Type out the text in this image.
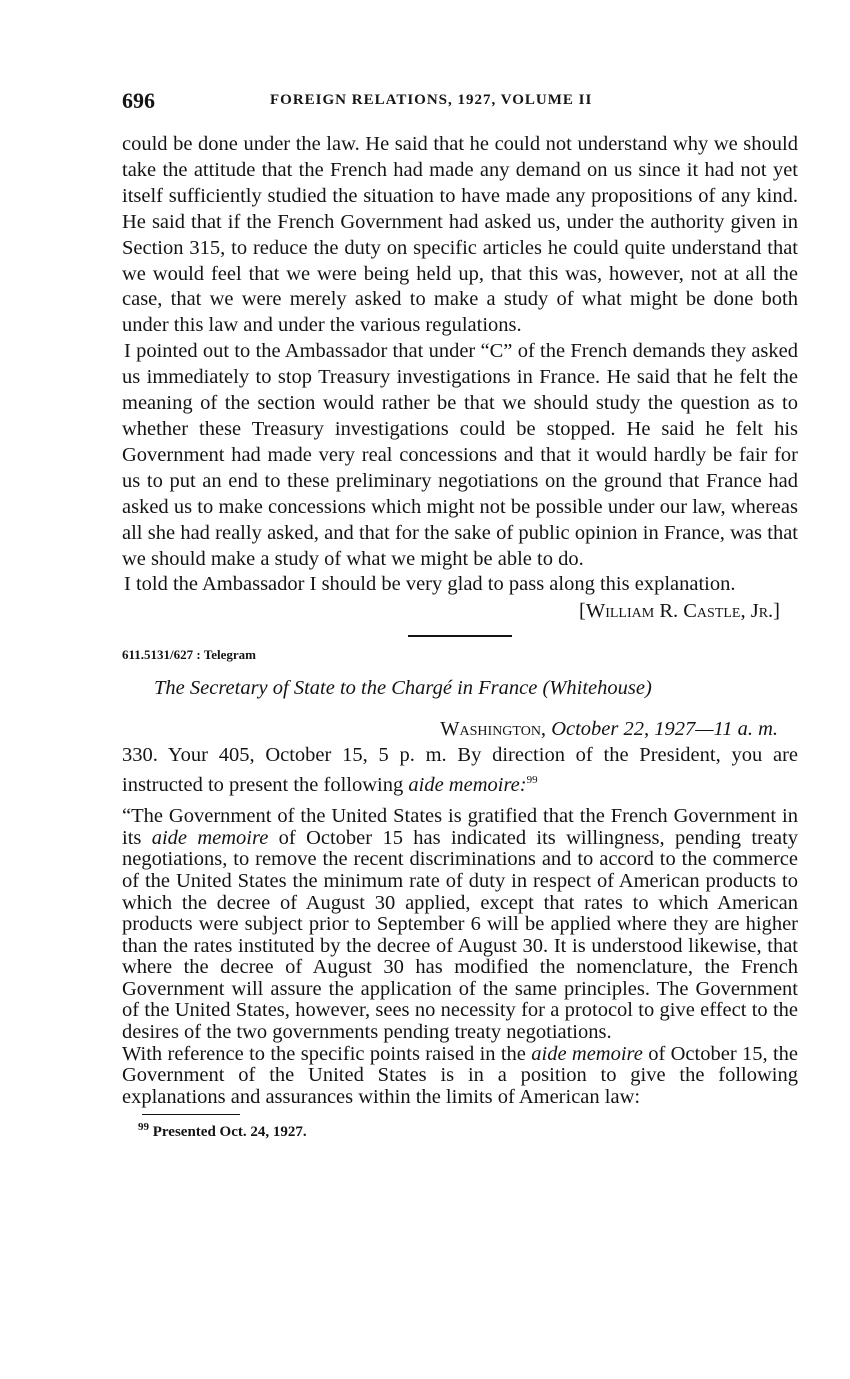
696	FOREIGN RELATIONS, 1927, VOLUME II

could be done under the law. He said that he could not understand why we should take the attitude that the French had made any demand on us since it had not yet itself sufficiently studied the situation to have made any propositions of any kind. He said that if the French Government had asked us, under the authority given in Section 315, to reduce the duty on specific articles he could quite understand that we would feel that we were being held up, that this was, however, not at all the case, that we were merely asked to make a study of what might be done both under this law and under the various regulations.

I pointed out to the Ambassador that under “C” of the French demands they asked us immediately to stop Treasury investigations in France. He said that he felt the meaning of the section would rather be that we should study the question as to whether these Treasury investigations could be stopped. He said he felt his Government had made very real concessions and that it would hardly be fair for us to put an end to these preliminary negotiations on the ground that France had asked us to make concessions which might not be possible under our law, whereas all she had really asked, and that for the sake of public opinion in France, was that we should make a study of what we might be able to do.

I told the Ambassador I should be very glad to pass along this explanation.

[William R. Castle, Jr.]
611.5131/627 : Telegram
The Secretary of State to the Chargé in France (Whitehouse)
Washington, October 22, 1927—11 a. m.

330. Your 405, October 15, 5 p. m. By direction of the President, you are instructed to present the following aide memoire:$^{99}$

“The Government of the United States is gratified that the French Government in its aide memoire of October 15 has indicated its willingness, pending treaty negotiations, to remove the recent discriminations and to accord to the commerce of the United States the minimum rate of duty in respect of American products to which the decree of August 30 applied, except that rates to which American products were subject prior to September 6 will be applied where they are higher than the rates instituted by the decree of August 30. It is understood likewise, that where the decree of August 30 has modified the nomenclature, the French Government will assure the application of the same principles. The Government of the United States, however, sees no necessity for a protocol to give effect to the desires of the two governments pending treaty negotiations.

With reference to the specific points raised in the aide memoire of October 15, the Government of the United States is in a position to give the following explanations and assurances within the limits of American law:

$^{99}$ Presented Oct. 24, 1927.
